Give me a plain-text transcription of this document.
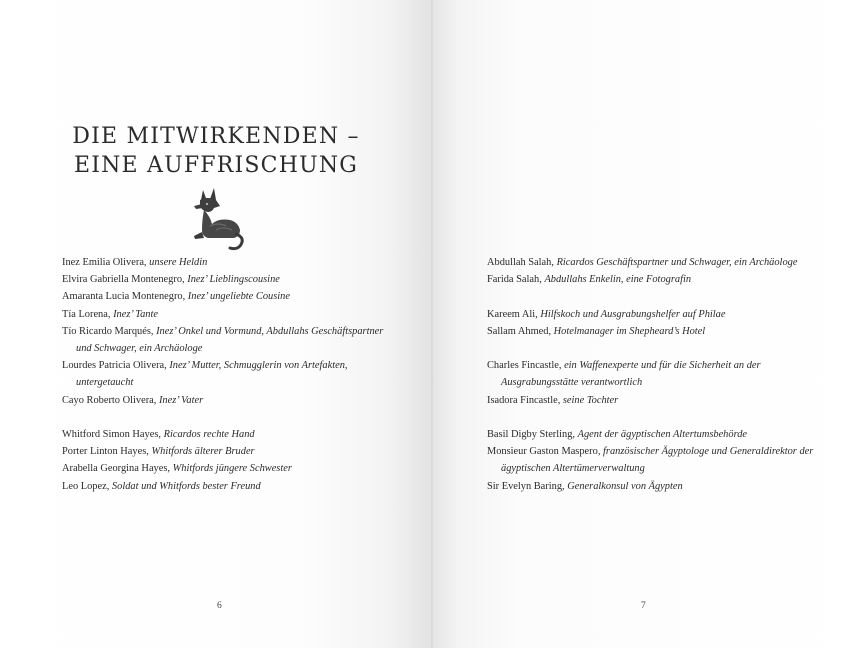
DIE MITWIRKENDEN –
EINE AUFFRISCHUNG

Inez Emilia Olivera, unsere Heldin

Elvira Gabriella Montenegro, Inez’ Lieblingscousine

Amaranta Lucia Montenegro, Inez’ ungeliebte Cousine

Tía Lorena, Inez’ Tante

Tío Ricardo Marqués, Inez’ Onkel und Vormund, Abdullahs Geschäftspartner und Schwager, ein Archäologe

Lourdes Patricia Olivera, Inez’ Mutter, Schmugglerin von Artefakten, untergetaucht

Cayo Roberto Olivera, Inez’ Vater

Whitford Simon Hayes, Ricardos rechte Hand

Porter Linton Hayes, Whitfords älterer Bruder

Arabella Georgina Hayes, Whitfords jüngere Schwester

Leo Lopez, Soldat und Whitfords bester Freund

6

Abdullah Salah, Ricardos Geschäftspartner und Schwager, ein Archäologe

Farida Salah, Abdullahs Enkelin, eine Fotografin

Kareem Ali, Hilfskoch und Ausgrabungshelfer auf Philae

Sallam Ahmed, Hotelmanager im Shepheard’s Hotel

Charles Fincastle, ein Waffenexperte und für die Sicherheit an der Ausgrabungsstätte verantwortlich

Isadora Fincastle, seine Tochter

Basil Digby Sterling, Agent der ägyptischen Altertumsbehörde

Monsieur Gaston Maspero, französischer Ägyptologe und Generaldirektor der ägyptischen Altertümerverwaltung

Sir Evelyn Baring, Generalkonsul von Ägypten

7
